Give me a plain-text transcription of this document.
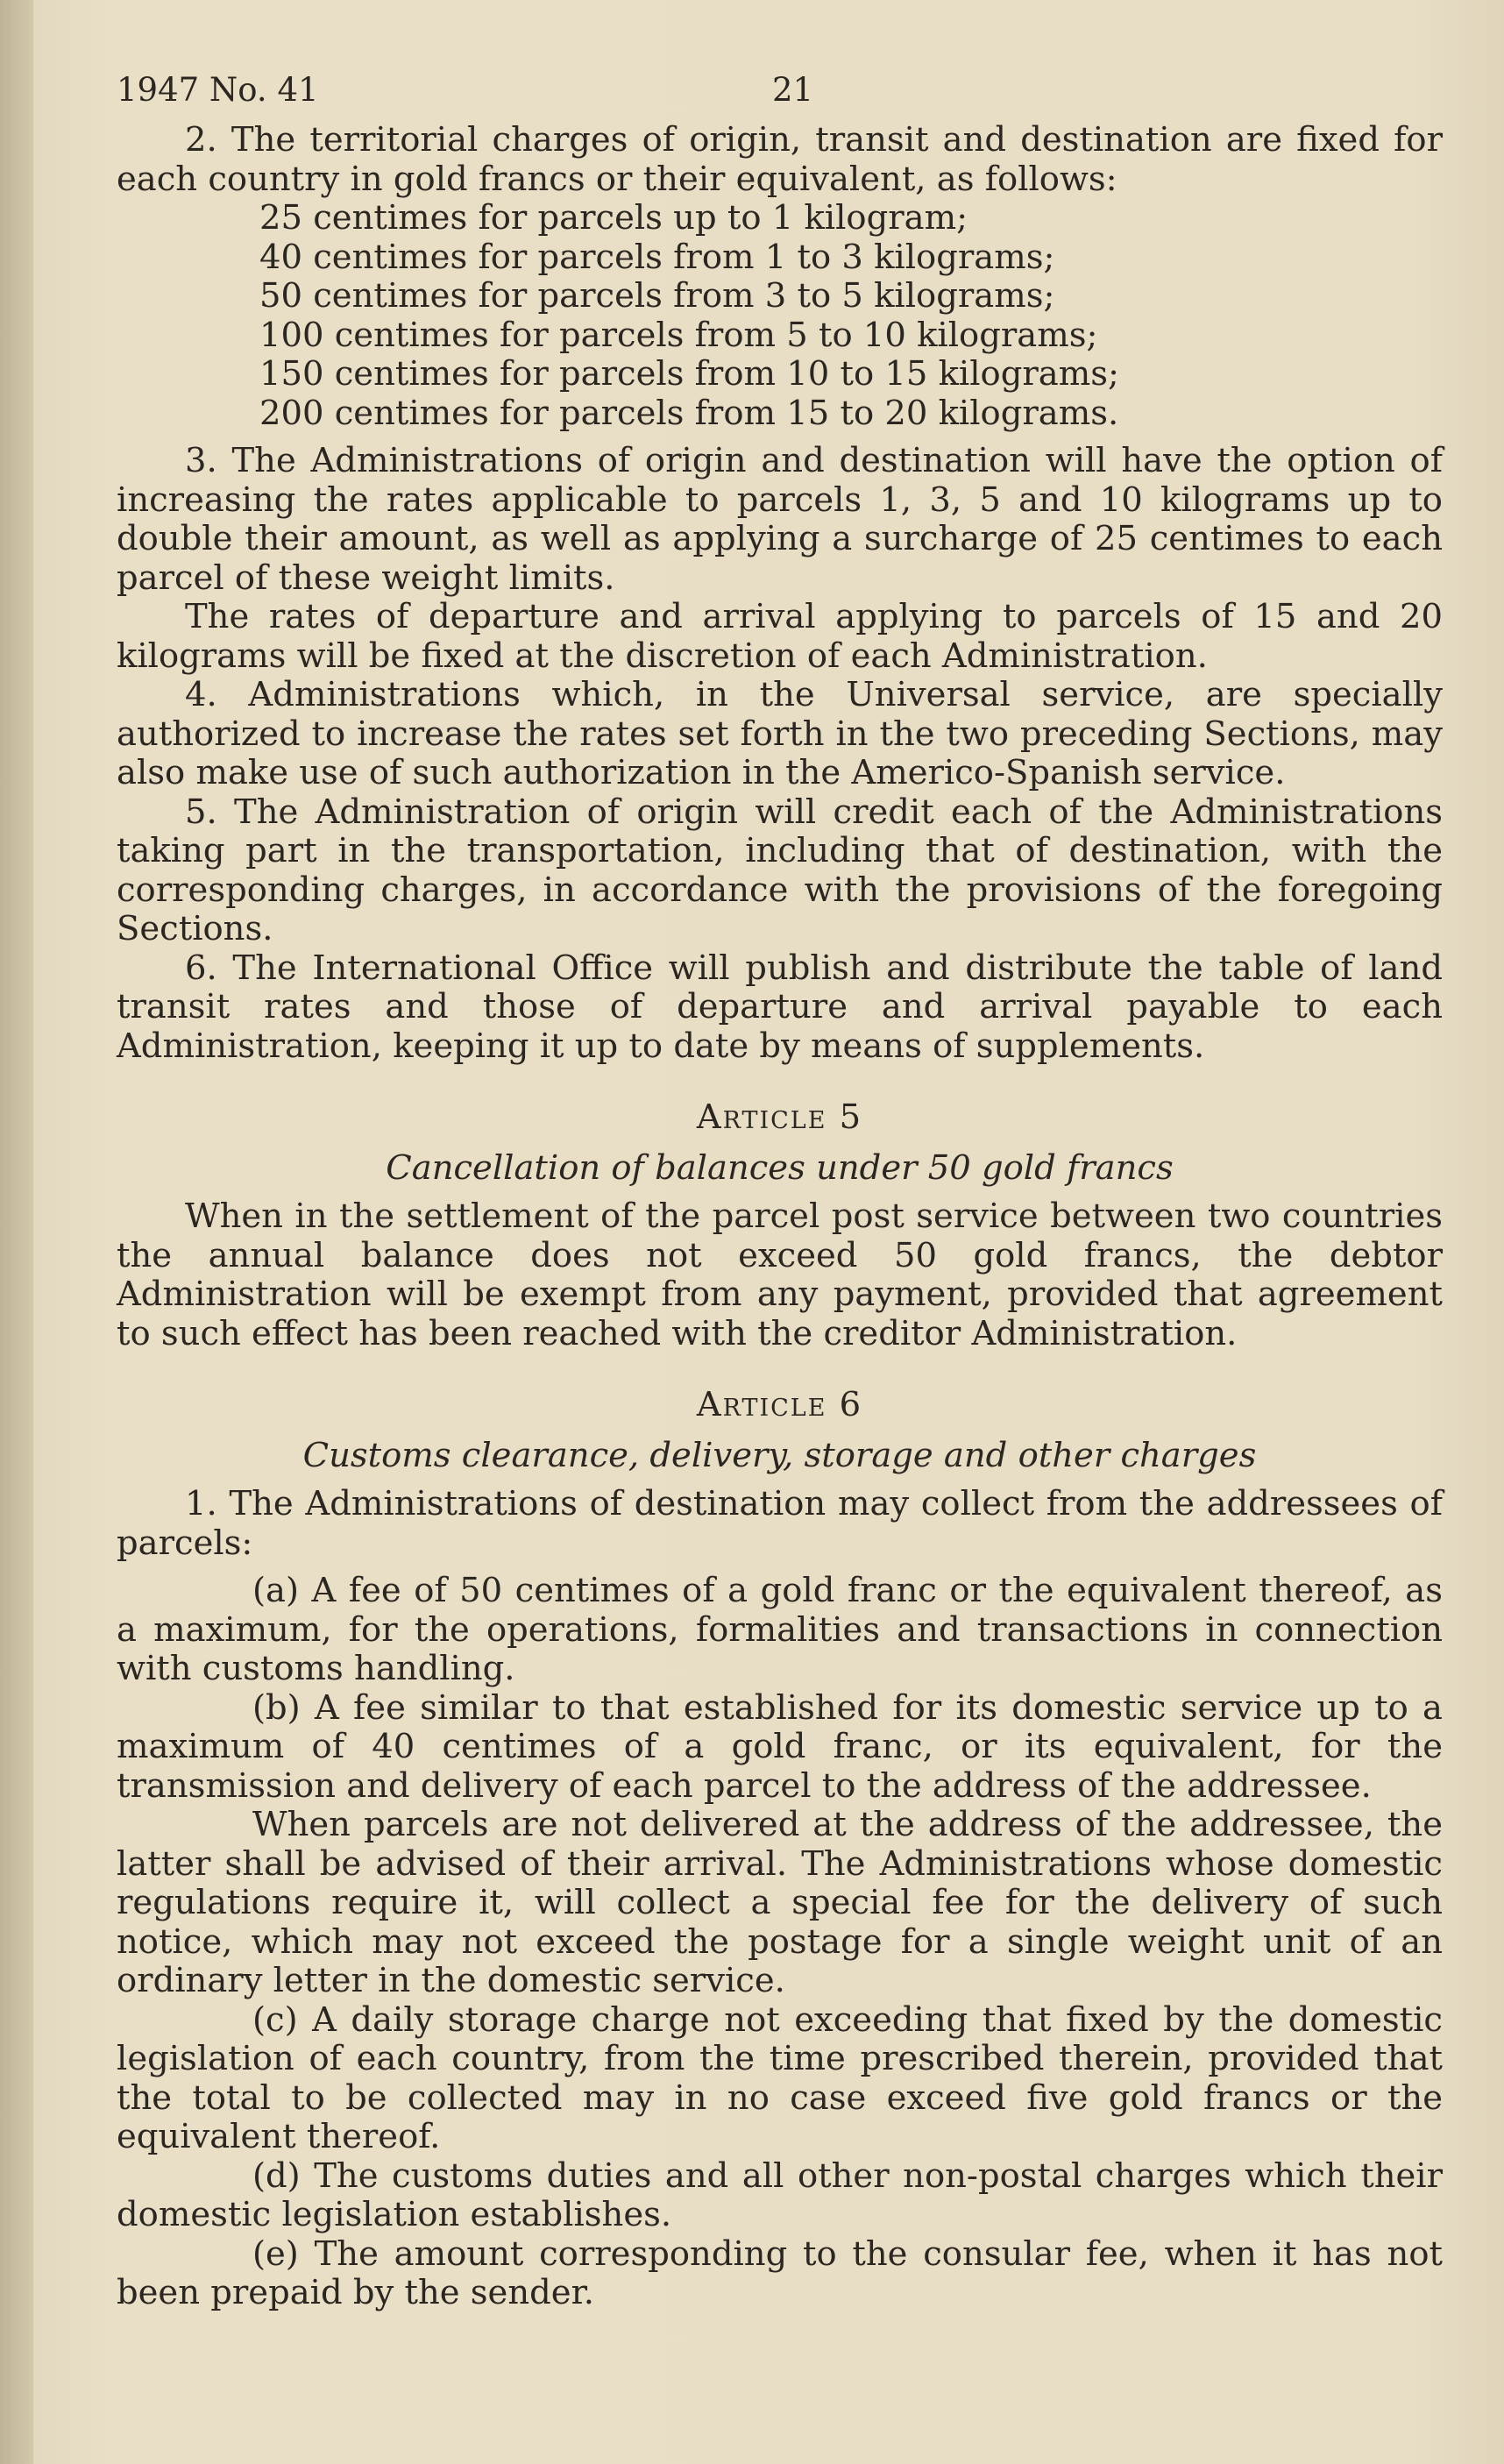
1947 No. 41	21

2. The territorial charges of origin, transit and destination are fixed for each country in gold francs or their equivalent, as follows:

25 centimes for parcels up to 1 kilogram;
40 centimes for parcels from 1 to 3 kilograms;
50 centimes for parcels from 3 to 5 kilograms;
100 centimes for parcels from 5 to 10 kilograms;
150 centimes for parcels from 10 to 15 kilograms;
200 centimes for parcels from 15 to 20 kilograms.

3. The Administrations of origin and destination will have the option of increasing the rates applicable to parcels 1, 3, 5 and 10 kilograms up to double their amount, as well as applying a surcharge of 25 centimes to each parcel of these weight limits.

The rates of departure and arrival applying to parcels of 15 and 20 kilograms will be fixed at the discretion of each Administration.

4. Administrations which, in the Universal service, are specially authorized to increase the rates set forth in the two preceding Sections, may also make use of such authorization in the Americo-Spanish service.

5. The Administration of origin will credit each of the Administrations taking part in the transportation, including that of destination, with the corresponding charges, in accordance with the provisions of the foregoing Sections.

6. The International Office will publish and distribute the table of land transit rates and those of departure and arrival payable to each Administration, keeping it up to date by means of supplements.

Article 5
Cancellation of balances under 50 gold francs

When in the settlement of the parcel post service between two countries the annual balance does not exceed 50 gold francs, the debtor Administration will be exempt from any payment, provided that agreement to such effect has been reached with the creditor Administration.

Article 6
Customs clearance, delivery, storage and other charges

1. The Administrations of destination may collect from the addressees of parcels:

(a) A fee of 50 centimes of a gold franc or the equivalent thereof, as a maximum, for the operations, formalities and transactions in connection with customs handling.

(b) A fee similar to that established for its domestic service up to a maximum of 40 centimes of a gold franc, or its equivalent, for the transmission and delivery of each parcel to the address of the addressee.

When parcels are not delivered at the address of the addressee, the latter shall be advised of their arrival. The Administrations whose domestic regulations require it, will collect a special fee for the delivery of such notice, which may not exceed the postage for a single weight unit of an ordinary letter in the domestic service.

(c) A daily storage charge not exceeding that fixed by the domestic legislation of each country, from the time prescribed therein, provided that the total to be collected may in no case exceed five gold francs or the equivalent thereof.

(d) The customs duties and all other non-postal charges which their domestic legislation establishes.

(e) The amount corresponding to the consular fee, when it has not been prepaid by the sender.
